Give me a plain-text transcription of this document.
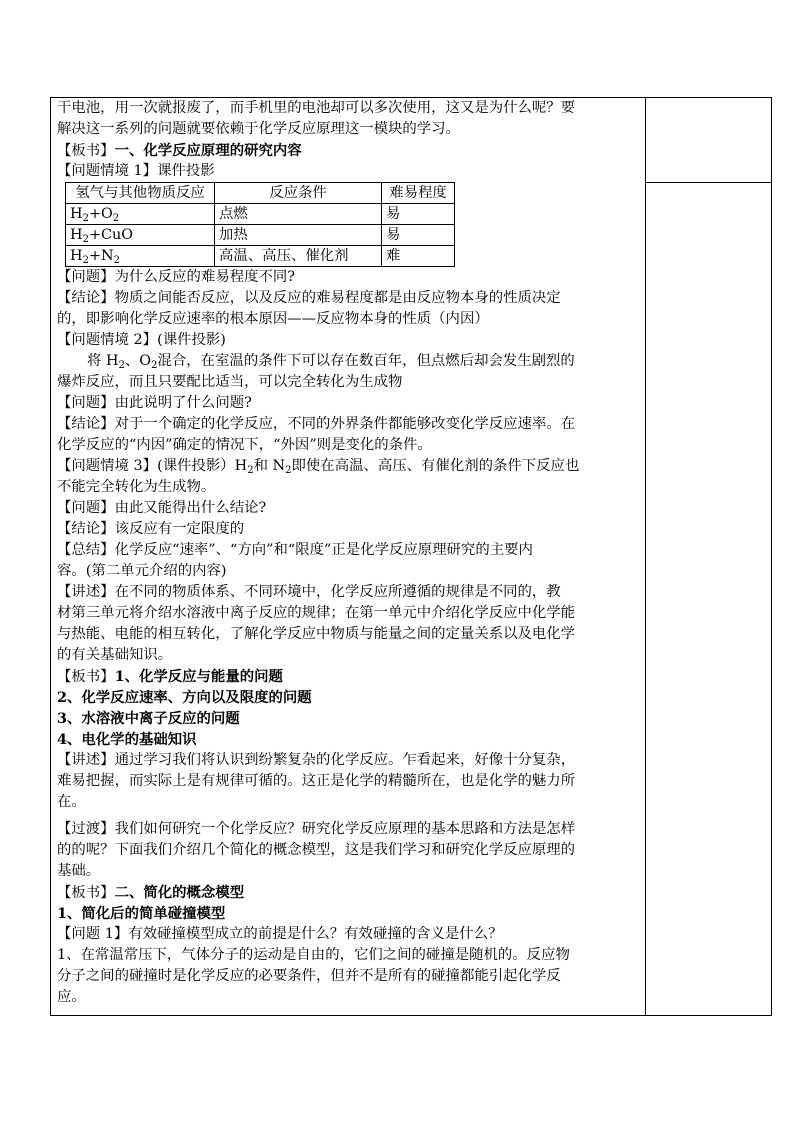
干电池，用一次就报废了，而手机里的电池却可以多次使用，这又是为什么呢？要
解决这一系列的问题就要依赖于化学反应原理这一模块的学习。
【板书】一、化学反应原理的研究内容
【问题情境 1】课件投影
氢气与其他物质反应	反应条件	难易程度
$H_2+O_2$	点燃	易
$H_2+CuO$	加热	易
$H_2+N_2$	高温、高压、催化剂	难
【问题】为什么反应的难易程度不同?
【结论】物质之间能否反应，以及反应的难易程度都是由反应物本身的性质决定
的，即影响化学反应速率的根本原因——反应物本身的性质（内因）
【问题情境 2】(课件投影)
将 $H_2$、$O_2$混合，在室温的条件下可以存在数百年，但点燃后却会发生剧烈的
爆炸反应，而且只要配比适当，可以完全转化为生成物
【问题】由此说明了什么问题?
【结论】对于一个确定的化学反应，不同的外界条件都能够改变化学反应速率。在
化学反应的“内因”确定的情况下，“外因”则是变化的条件。
【问题情境 3】(课件投影）$H_2$和 $N_2$即使在高温、高压、有催化剂的条件下反应也
不能完全转化为生成物。
【问题】由此又能得出什么结论?
【结论】该反应有一定限度的
【总结】化学反应“速率”、“方向”和“限度”正是化学反应原理研究的主要内
容。(第二单元介绍的内容)
【讲述】在不同的物质体系、不同环境中，化学反应所遵循的规律是不同的，教
材第三单元将介绍水溶液中离子反应的规律；在第一单元中介绍化学反应中化学能
与热能、电能的相互转化，了解化学反应中物质与能量之间的定量关系以及电化学
的有关基础知识。
【板书】1、化学反应与能量的问题
2、化学反应速率、方向以及限度的问题
3、水溶液中离子反应的问题
4、电化学的基础知识
【讲述】通过学习我们将认识到纷繁复杂的化学反应。乍看起来，好像十分复杂，
难易把握，而实际上是有规律可循的。这正是化学的精髓所在，也是化学的魅力所
在。
【过渡】我们如何研究一个化学反应？研究化学反应原理的基本思路和方法是怎样
的的呢？下面我们介绍几个简化的概念模型，这是我们学习和研究化学反应原理的
基础。
【板书】二、简化的概念模型
1、简化后的简单碰撞模型
【问题 1】有效碰撞模型成立的前提是什么？有效碰撞的含义是什么？
1、在常温常压下，气体分子的运动是自由的，它们之间的碰撞是随机的。反应物
分子之间的碰撞时是化学反应的必要条件，但并不是所有的碰撞都能引起化学反
应。
